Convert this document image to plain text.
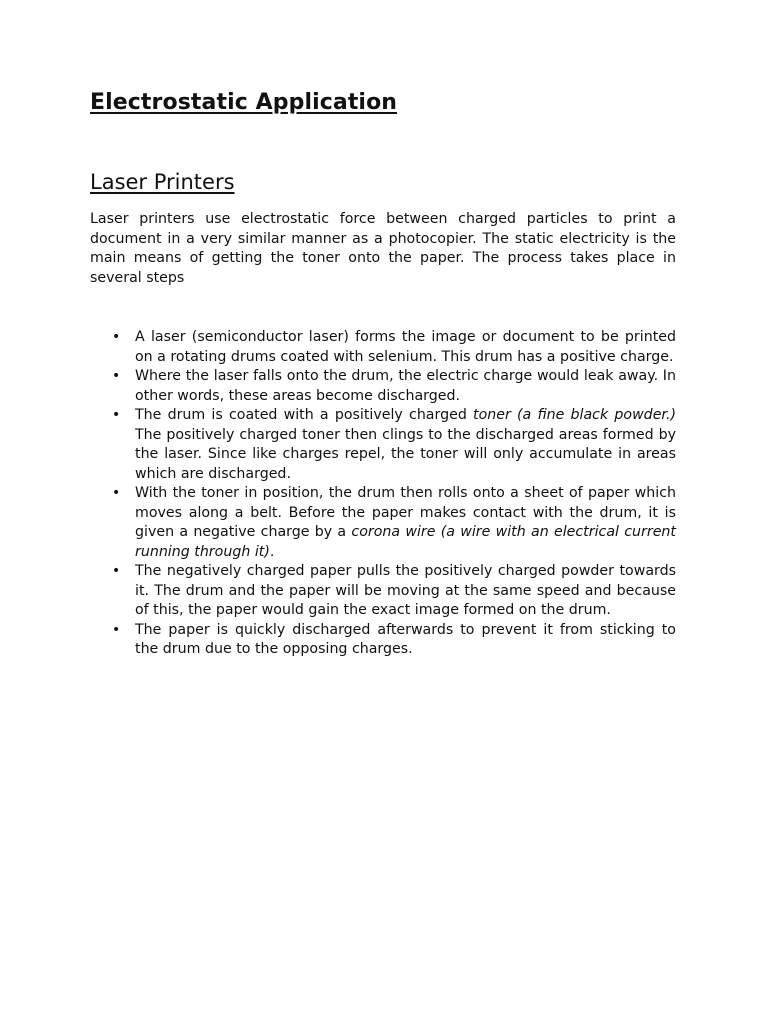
Electrostatic Application
Laser Printers

Laser printers use electrostatic force between charged particles to print a document in a very similar manner as a photocopier. The static electricity is the main means of getting the toner onto the paper. The process takes place in several steps

• A laser (semiconductor laser) forms the image or document to be printed on a rotating drums coated with selenium. This drum has a positive charge.
• Where the laser falls onto the drum, the electric charge would leak away. In other words, these areas become discharged.
• The drum is coated with a positively charged toner (a fine black powder.) The positively charged toner then clings to the discharged areas formed by the laser. Since like charges repel, the toner will only accumulate in areas which are discharged.
• With the toner in position, the drum then rolls onto a sheet of paper which moves along a belt. Before the paper makes contact with the drum, it is given a negative charge by a corona wire (a wire with an electrical current running through it).
• The negatively charged paper pulls the positively charged powder towards it. The drum and the paper will be moving at the same speed and because of this, the paper would gain the exact image formed on the drum.
• The paper is quickly discharged afterwards to prevent it from sticking to the drum due to the opposing charges.
